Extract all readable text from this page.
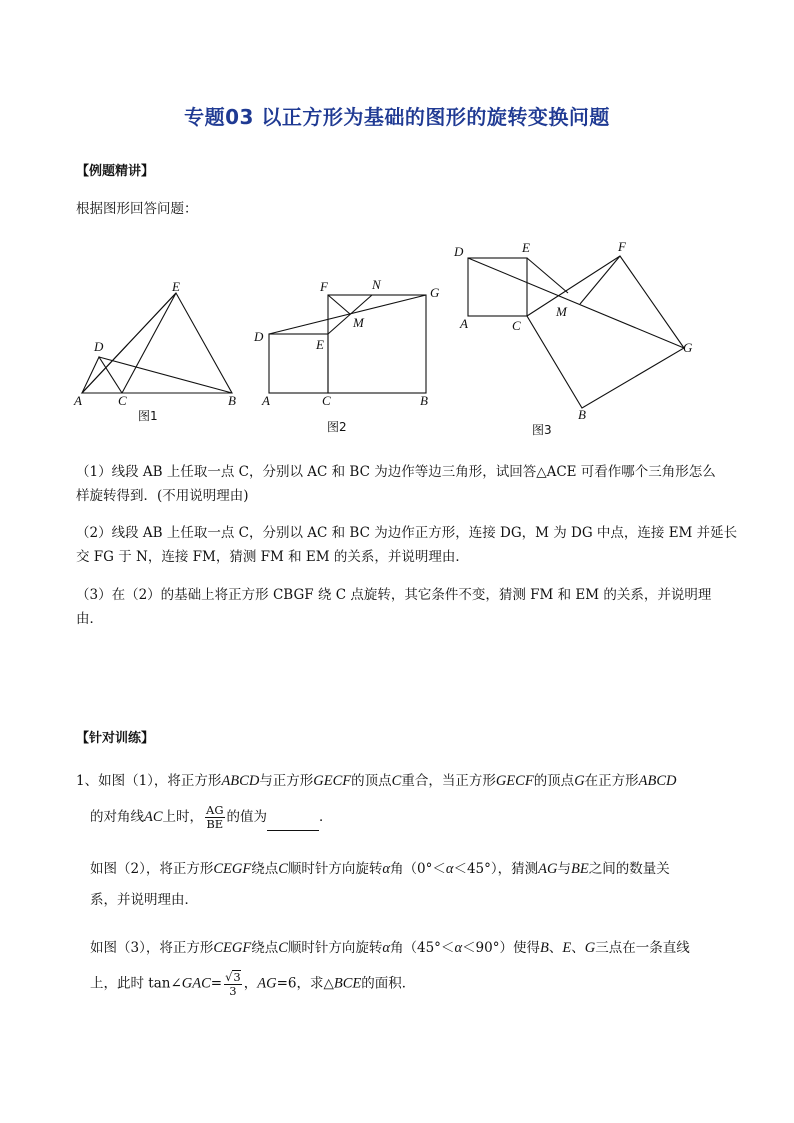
专题03 以正方形为基础的图形的旋转变换问题
【例题精讲】
根据图形回答问题：
A	C	B
D
E
图1
A	C	B
D
E
F	N
G
M
图2
A	C
D	E	F
G
B
M
图3
（1）线段 AB 上任取一点 C，分别以 AC 和 BC 为边作等边三角形，试回答△ACE 可看作哪个三角形怎么
样旋转得到．(不用说明理由)
（2）线段 AB 上任取一点 C，分别以 AC 和 BC 为边作正方形，连接 DG，M 为 DG 中点，连接 EM 并延长
交 FG 于 N，连接 FM，猜测 FM 和 EM 的关系，并说明理由．
（3）在（2）的基础上将正方形 CBGF 绕 C 点旋转，其它条件不变，猜测 FM 和 EM 的关系，并说明理
由．
【针对训练】
1、如图（1），将正方形ABCD与正方形GECF的顶点C重合，当正方形GECF的顶点G在正方形ABCD
的对角线AC上时， $\frac{AG}{BE}$ 的值为	．
如图（2），将正方形CEGF绕点C顺时针方向旋转α角（0°＜α＜45°），猜测AG与BE之间的数量关
系，并说明理由．
如图（3），将正方形CEGF绕点C顺时针方向旋转α角（45°＜α＜90°）使得B、E、G三点在一条直线
上，此时 tan∠GAC= $\frac{√3}{3}$ ，AG=6，求△BCE的面积．
